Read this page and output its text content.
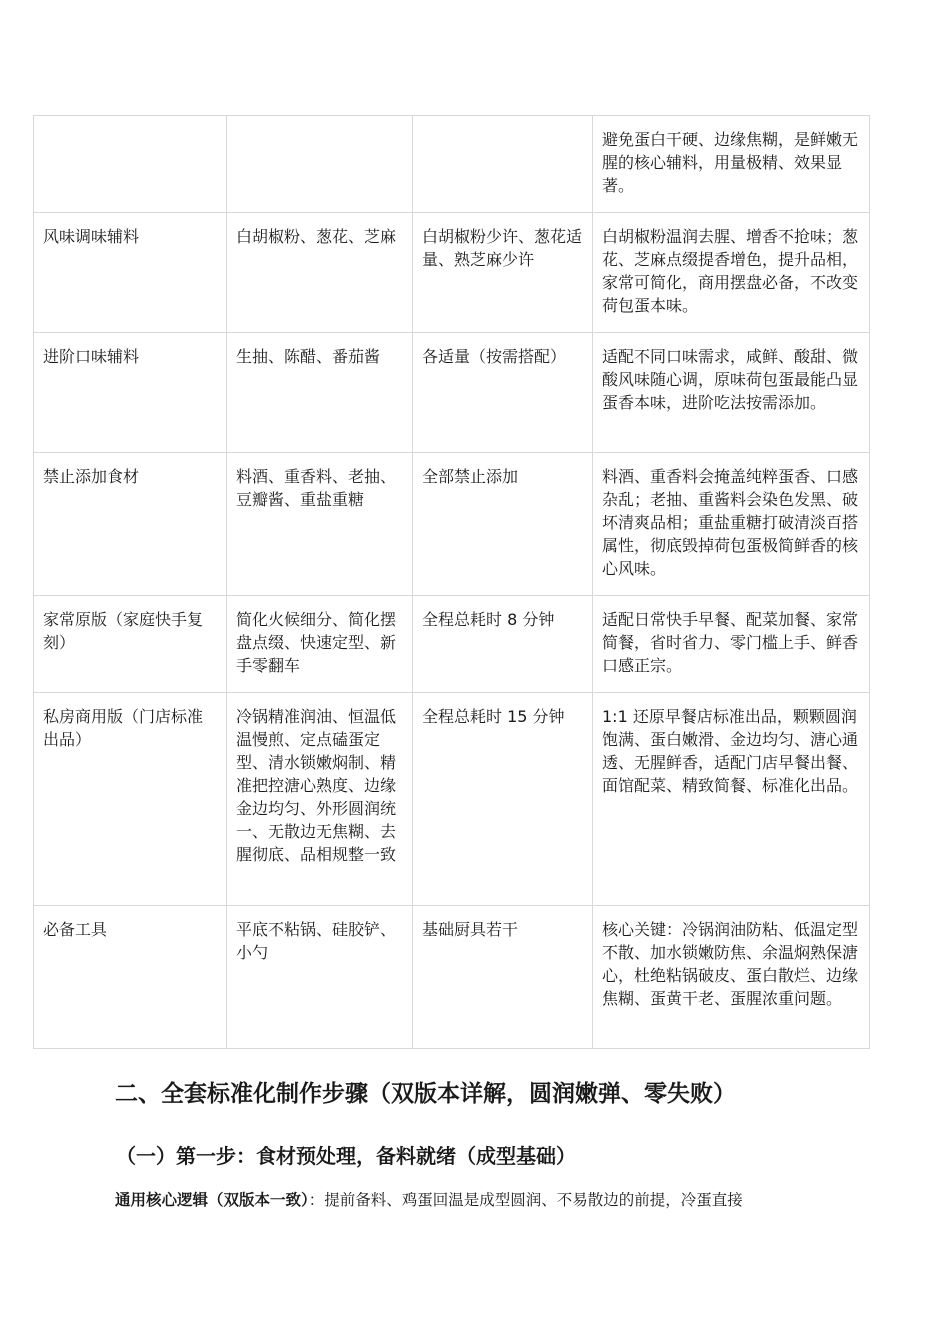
			避免蛋白干硬、边缘焦糊，是鲜嫩无腥的核心辅料，用量极精、效果显著。
风味调味辅料	白胡椒粉、葱花、芝麻	白胡椒粉少许、葱花适量、熟芝麻少许	白胡椒粉温润去腥、增香不抢味；葱花、芝麻点缀提香增色，提升品相，家常可简化，商用摆盘必备，不改变荷包蛋本味。
进阶口味辅料	生抽、陈醋、番茄酱	各适量（按需搭配）	适配不同口味需求，咸鲜、酸甜、微酸风味随心调，原味荷包蛋最能凸显蛋香本味，进阶吃法按需添加。
禁止添加食材	料酒、重香料、老抽、豆瓣酱、重盐重糖	全部禁止添加	料酒、重香料会掩盖纯粹蛋香、口感杂乱；老抽、重酱料会染色发黑、破坏清爽品相；重盐重糖打破清淡百搭属性，彻底毁掉荷包蛋极简鲜香的核心风味。
家常原版（家庭快手复刻）	简化火候细分、简化摆盘点缀、快速定型、新手零翻车	全程总耗时 8 分钟	适配日常快手早餐、配菜加餐、家常简餐，省时省力、零门槛上手、鲜香口感正宗。
私房商用版（门店标准出品）	冷锅精准润油、恒温低温慢煎、定点磕蛋定型、清水锁嫩焖制、精准把控溏心熟度、边缘金边均匀、外形圆润统一、无散边无焦糊、去腥彻底、品相规整一致	全程总耗时 15 分钟	1:1 还原早餐店标准出品，颗颗圆润饱满、蛋白嫩滑、金边均匀、溏心通透、无腥鲜香，适配门店早餐出餐、面馆配菜、精致简餐、标准化出品。
必备工具	平底不粘锅、硅胶铲、小勺	基础厨具若干	核心关键：冷锅润油防粘、低温定型不散、加水锁嫩防焦、余温焖熟保溏心，杜绝粘锅破皮、蛋白散烂、边缘焦糊、蛋黄干老、蛋腥浓重问题。
二、全套标准化制作步骤（双版本详解，圆润嫩弹、零失败）
（一）第一步：食材预处理，备料就绪（成型基础）
通用核心逻辑（双版本一致）：提前备料、鸡蛋回温是成型圆润、不易散边的前提，冷蛋直接
